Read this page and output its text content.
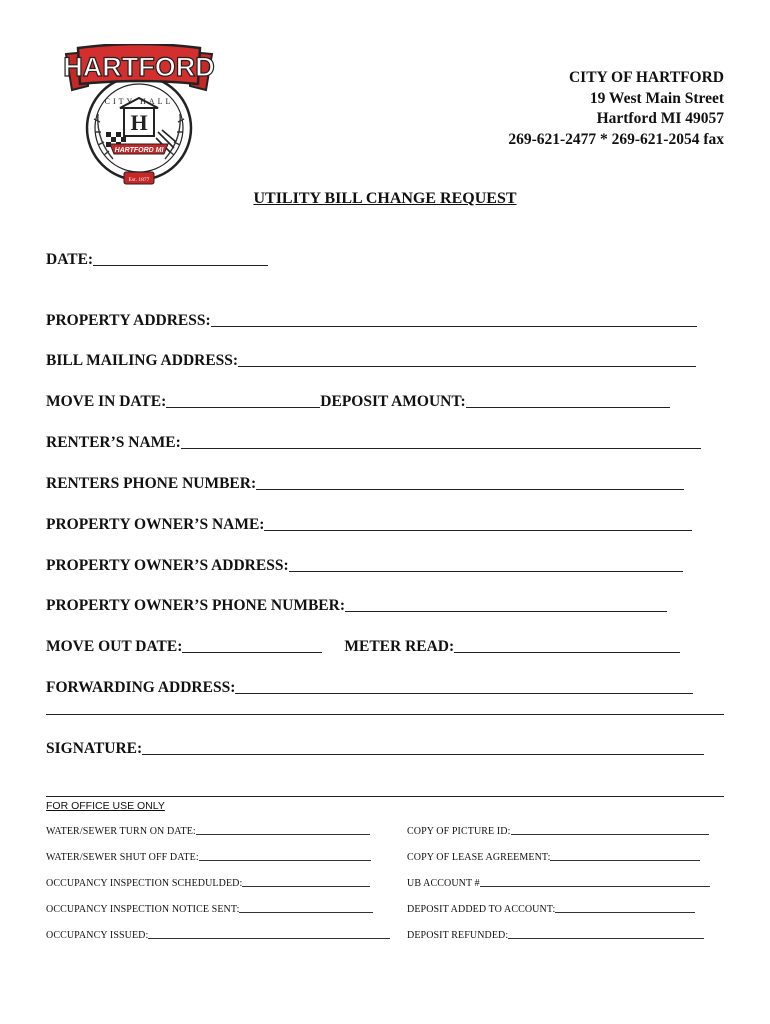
HARTFORD
CITY HALL
H
HARTFORD MI
Est. 1877
CITY OF HARTFORD
19 West Main Street
Hartford MI 49057
269-621-2477 * 269-621-2054 fax
UTILITY BILL CHANGE REQUEST
DATE:
PROPERTY ADDRESS:
BILL MAILING ADDRESS:
MOVE IN DATE:	DEPOSIT AMOUNT:
RENTER’S NAME:
RENTERS PHONE NUMBER:
PROPERTY OWNER’S NAME:
PROPERTY OWNER’S ADDRESS:
PROPERTY OWNER’S PHONE NUMBER:
MOVE OUT DATE:	METER READ:
FORWARDING ADDRESS:
SIGNATURE:
FOR OFFICE USE ONLY
WATER/SEWER TURN ON DATE:
WATER/SEWER SHUT OFF DATE:
OCCUPANCY INSPECTION SCHEDULDED:
OCCUPANCY INSPECTION NOTICE SENT:
OCCUPANCY ISSUED:
COPY OF PICTURE ID:
COPY OF LEASE AGREEMENT:
UB ACCOUNT #
DEPOSIT ADDED TO ACCOUNT:
DEPOSIT REFUNDED:
